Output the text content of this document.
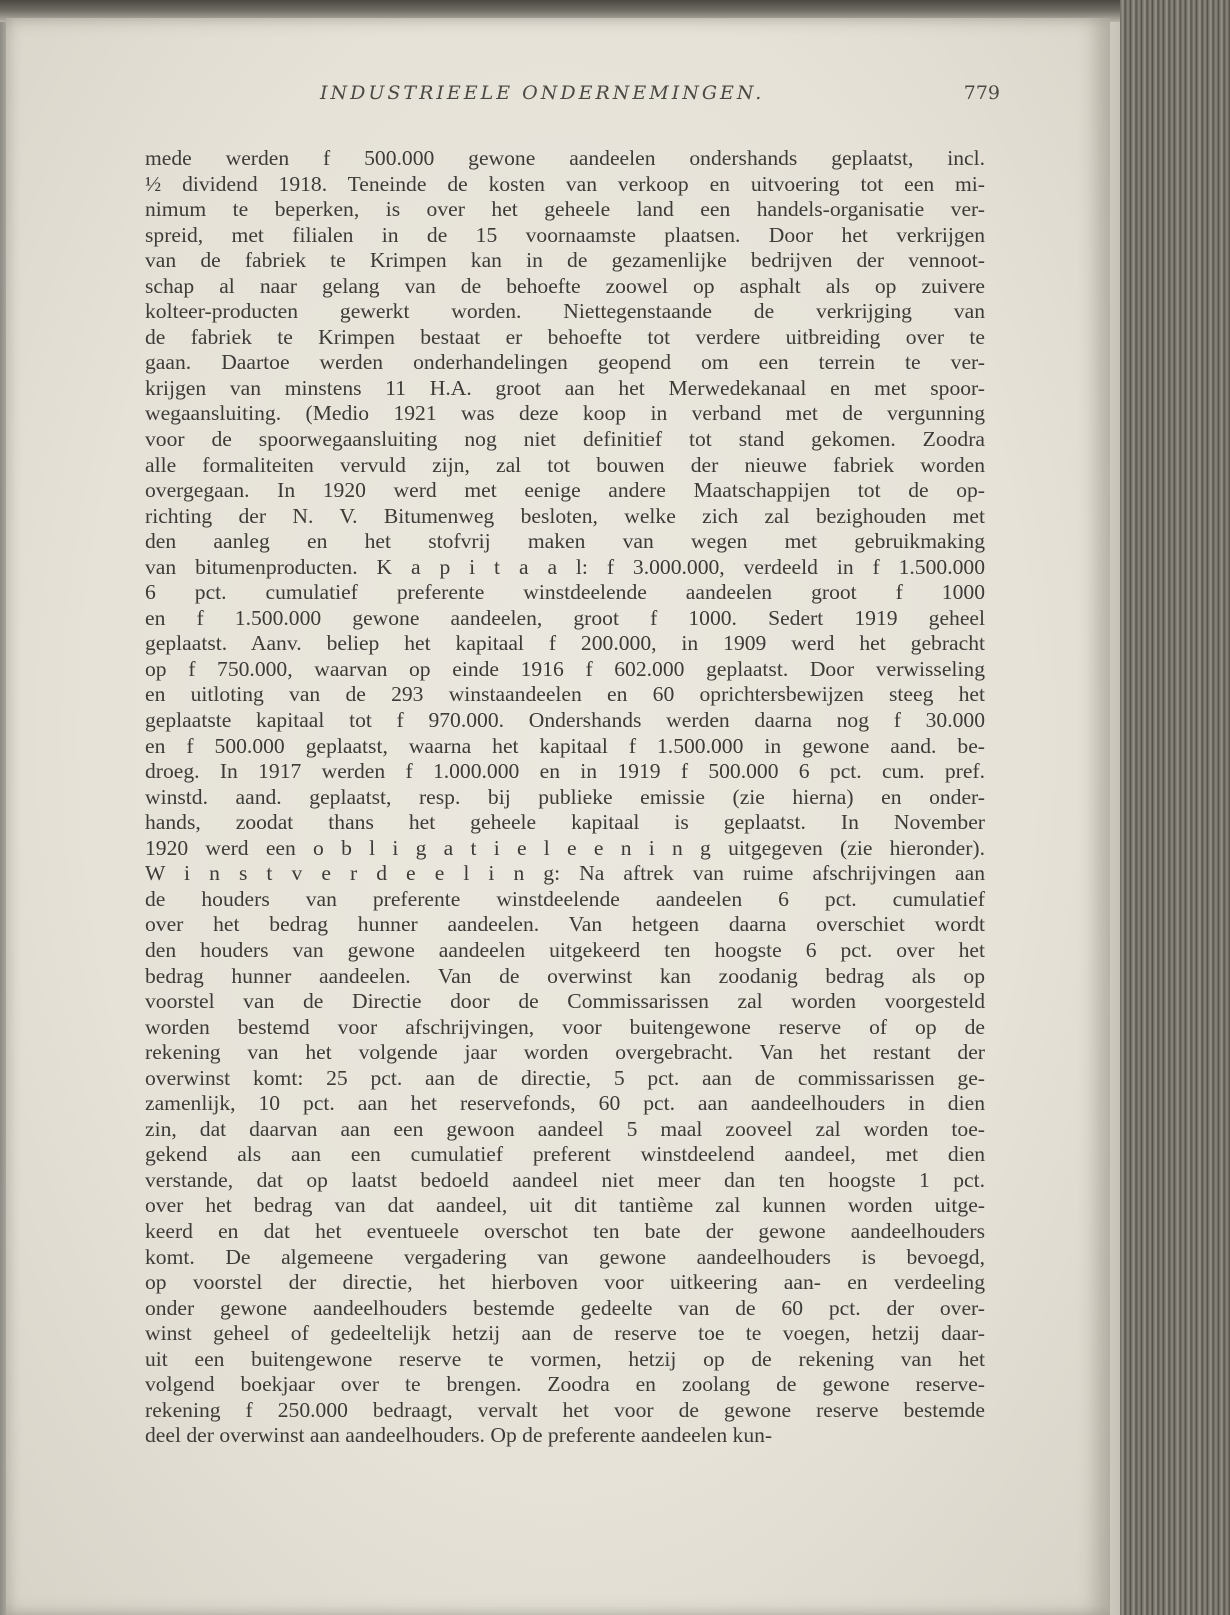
INDUSTRIEELE ONDERNEMINGEN.	779
mede werden f 500.000 gewone aandeelen ondershands geplaatst, incl.
½ dividend 1918. Teneinde de kosten van verkoop en uitvoering tot een mi-
nimum te beperken, is over het geheele land een handels-organisatie ver-
spreid, met filialen in de 15 voornaamste plaatsen. Door het verkrijgen
van de fabriek te Krimpen kan in de gezamenlijke bedrijven der vennoot-
schap al naar gelang van de behoefte zoowel op asphalt als op zuivere
kolteer-producten gewerkt worden. Niettegenstaande de verkrijging van
de fabriek te Krimpen bestaat er behoefte tot verdere uitbreiding over te
gaan. Daartoe werden onderhandelingen geopend om een terrein te ver-
krijgen van minstens 11 H.A. groot aan het Merwedekanaal en met spoor-
wegaansluiting. (Medio 1921 was deze koop in verband met de vergunning
voor de spoorwegaansluiting nog niet definitief tot stand gekomen. Zoodra
alle formaliteiten vervuld zijn, zal tot bouwen der nieuwe fabriek worden
overgegaan. In 1920 werd met eenige andere Maatschappijen tot de op-
richting der N. V. Bitumenweg besloten, welke zich zal bezighouden met
den aanleg en het stofvrij maken van wegen met gebruikmaking
van bitumenproducten. K a p i t a a l: f 3.000.000, verdeeld in f 1.500.000
6 pct. cumulatief preferente winstdeelende aandeelen groot f 1000
en f 1.500.000 gewone aandeelen, groot f 1000. Sedert 1919 geheel
geplaatst. Aanv. beliep het kapitaal f 200.000, in 1909 werd het gebracht
op f 750.000, waarvan op einde 1916 f 602.000 geplaatst. Door verwisseling
en uitloting van de 293 winstaandeelen en 60 oprichtersbewijzen steeg het
geplaatste kapitaal tot f 970.000. Ondershands werden daarna nog f 30.000
en f 500.000 geplaatst, waarna het kapitaal f 1.500.000 in gewone aand. be-
droeg. In 1917 werden f 1.000.000 en in 1919 f 500.000 6 pct. cum. pref.
winstd. aand. geplaatst, resp. bij publieke emissie (zie hierna) en onder-
hands, zoodat thans het geheele kapitaal is geplaatst. In November
1920 werd een o b l i g a t i e l e e n i n g uitgegeven (zie hieronder).
W i n s t v e r d e e l i n g: Na aftrek van ruime afschrijvingen aan
de houders van preferente winstdeelende aandeelen 6 pct. cumulatief
over het bedrag hunner aandeelen. Van hetgeen daarna overschiet wordt
den houders van gewone aandeelen uitgekeerd ten hoogste 6 pct. over het
bedrag hunner aandeelen. Van de overwinst kan zoodanig bedrag als op
voorstel van de Directie door de Commissarissen zal worden voorgesteld
worden bestemd voor afschrijvingen, voor buitengewone reserve of op de
rekening van het volgende jaar worden overgebracht. Van het restant der
overwinst komt: 25 pct. aan de directie, 5 pct. aan de commissarissen ge-
zamenlijk, 10 pct. aan het reservefonds, 60 pct. aan aandeelhouders in dien
zin, dat daarvan aan een gewoon aandeel 5 maal zooveel zal worden toe-
gekend als aan een cumulatief preferent winstdeelend aandeel, met dien
verstande, dat op laatst bedoeld aandeel niet meer dan ten hoogste 1 pct.
over het bedrag van dat aandeel, uit dit tantième zal kunnen worden uitge-
keerd en dat het eventueele overschot ten bate der gewone aandeelhouders
komt. De algemeene vergadering van gewone aandeelhouders is bevoegd,
op voorstel der directie, het hierboven voor uitkeering aan- en verdeeling
onder gewone aandeelhouders bestemde gedeelte van de 60 pct. der over-
winst geheel of gedeeltelijk hetzij aan de reserve toe te voegen, hetzij daar-
uit een buitengewone reserve te vormen, hetzij op de rekening van het
volgend boekjaar over te brengen. Zoodra en zoolang de gewone reserve-
rekening f 250.000 bedraagt, vervalt het voor de gewone reserve bestemde
deel der overwinst aan aandeelhouders. Op de preferente aandeelen kun-
